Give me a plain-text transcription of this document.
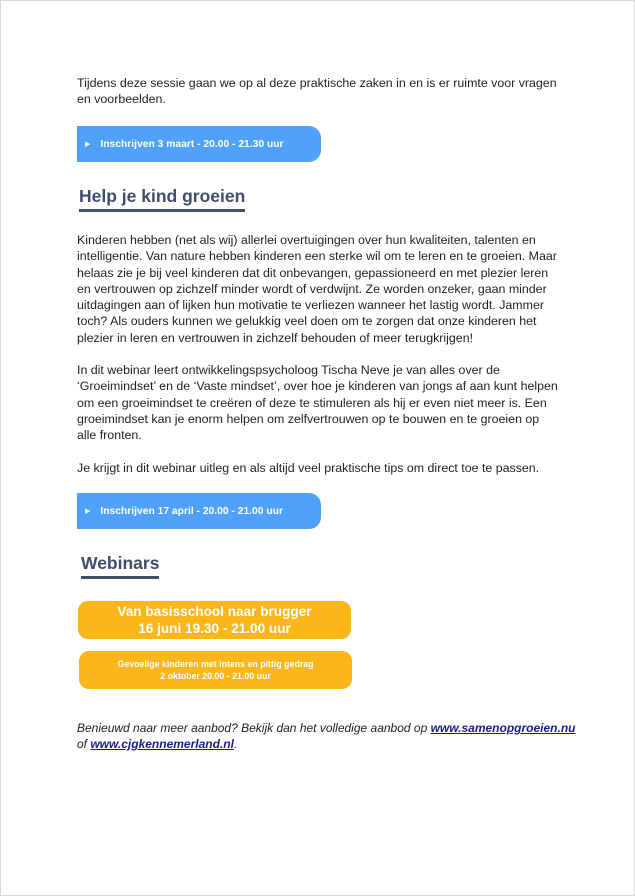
Tijdens deze sessie gaan we op al deze praktische zaken in en is er ruimte voor vragen en voorbeelden.
▶ Inschrijven 3 maart - 20.00 - 21.30 uur
Help je kind groeien
Kinderen hebben (net als wij) allerlei overtuigingen over hun kwaliteiten, talenten en intelligentie. Van nature hebben kinderen een sterke wil om te leren en te groeien. Maar helaas zie je bij veel kinderen dat dit onbevangen, gepassioneerd en met plezier leren en vertrouwen op zichzelf minder wordt of verdwijnt. Ze worden onzeker, gaan minder uitdagingen aan of lijken hun motivatie te verliezen wanneer het lastig wordt. Jammer toch? Als ouders kunnen we gelukkig veel doen om te zorgen dat onze kinderen het plezier in leren en vertrouwen in zichzelf behouden of meer terugkrijgen!
In dit webinar leert ontwikkelingspsycholoog Tischa Neve je van alles over de ‘Groeimindset’ en de ‘Vaste mindset’, over hoe je kinderen van jongs af aan kunt helpen om een groeimindset te creëren of deze te stimuleren als hij er even niet meer is. Een groeimindset kan je enorm helpen om zelfvertrouwen op te bouwen en te groeien op alle fronten.
Je krijgt in dit webinar uitleg en als altijd veel praktische tips om direct toe te passen.
▶ Inschrijven 17 april - 20.00 - 21.00 uur
Webinars
Van basisschool naar brugger
16 juni 19.30 - 21.00 uur
Gevoelige kinderen met intens en pittig gedrag
2 oktober 20.00 - 21.00 uur
Benieuwd naar meer aanbod? Bekijk dan het volledige aanbod op www.samenopgroeien.nu of www.cjgkennemerland.nl.
